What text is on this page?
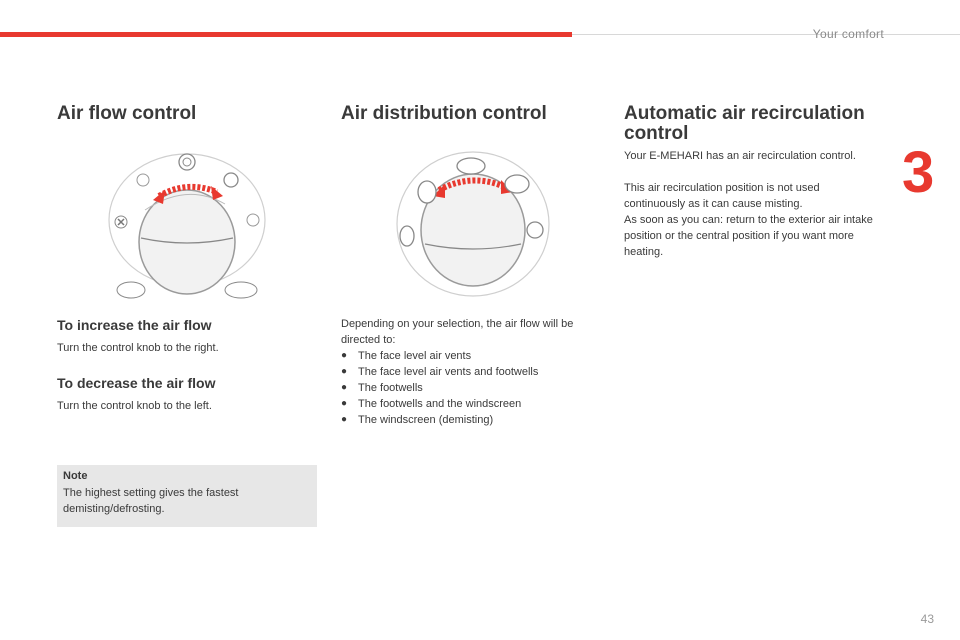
Your comfort
3
Air flow control
To increase the air flow

Turn the control knob to the right.

To decrease the air flow

Turn the control knob to the left.

Note
The highest setting gives the fastest demisting/defrosting.
Air distribution control

Depending on your selection, the air flow will be directed to:

● The face level air vents
● The face level air vents and footwells
● The footwells
● The footwells and the windscreen
● The windscreen (demisting)
Automatic air recirculation control

Your E-MEHARI has an air recirculation control.

This air recirculation position is not used continuously as it can cause misting.

As soon as you can: return to the exterior air intake position or the central position if you want more heating.

43
